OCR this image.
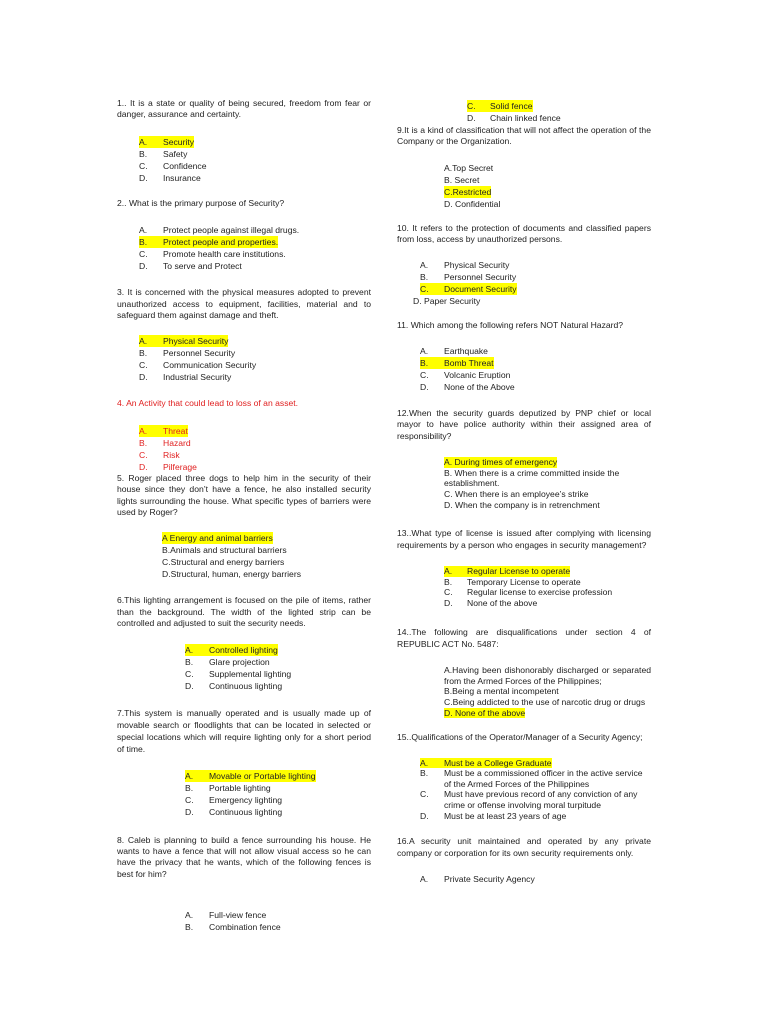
1.. It is a state or quality of being secured, freedom from fear or danger, assurance and certainty.

A.	Security
B.	Safety
C.	Confidence
D.	Insurance

2.. What is the primary purpose of Security?

A.	Protect people against illegal drugs.
B.	Protect people and properties.
C.	Promote health care institutions.
D.	To serve and Protect

3. It is concerned with the physical measures adopted to prevent unauthorized access to equipment, facilities, material and to safeguard them against damage and theft.

A.	Physical Security
B.	Personnel Security
C.	Communication Security
D.	Industrial Security

4. An Activity that could lead to loss of an asset.

A.	Threat
B.	Hazard
C.	Risk
D.	Pilferage

5. Roger placed three dogs to help him in the security of their house since they don’t have a fence, he also installed security lights surrounding the house. What specific types of barriers were used by Roger?

A Energy and animal barriers
B.Animals and structural barriers
C.Structural and energy barriers
D.Structural, human, energy barriers

6.This lighting arrangement is focused on the pile of items, rather than the background. The width of the lighted strip can be controlled and adjusted to suit the security needs.

A.	Controlled lighting
B.	Glare projection
C.	Supplemental lighting
D.	Continuous lighting

7.This system is manually operated and is usually made up of movable search or floodlights that can be located in selected or special locations which will require lighting only for a short period of time.

A.	Movable or Portable lighting
B.	Portable lighting
C.	Emergency lighting
D.	Continuous lighting

8. Caleb is planning to build a fence surrounding his house. He wants to have a fence that will not allow visual access so he can have the privacy that he wants, which of the following fences is best for him?

A.	Full-view fence
B.	Combination fence
C.	Solid fence
D.	Chain linked fence

9.It is a kind of classification that will not affect the operation of the Company or the Organization.

A.Top Secret
B. Secret
C.Restricted
D. Confidential

10. It refers to the protection of documents and classified papers from loss, access by unauthorized persons.

A.	Physical Security
B.	Personnel Security
C.	Document Security
D. Paper Security

11. Which among the following refers NOT Natural Hazard?

A.	Earthquake
B.	Bomb Threat
C.	Volcanic Eruption
D.	None of the Above

12.When the security guards deputized by PNP chief or local mayor to have police authority within their assigned area of responsibility?

A. During times of emergency
B. When there is a crime committed inside the establishment.
C. When there is an employee’s strike
D. When the company is in retrenchment

13..What type of license is issued after complying with licensing requirements by a person who engages in security management?

A.	Regular License to operate
B.	Temporary License to operate
C.	Regular license to exercise profession
D.	None of the above

14..The following are disqualifications under section 4 of REPUBLIC ACT No. 5487:

A.Having been dishonorably discharged or separated from the Armed Forces of the Philippines;
B.Being a mental incompetent
C.Being addicted to the use of narcotic drug or drugs
D. None of the above

15..Qualifications of the Operator/Manager of a Security Agency;

A.	Must be a College Graduate
B.	Must be a commissioned officer in the active service of the Armed Forces of the Philippines
C.	Must have previous record of any conviction of any crime or offense involving moral turpitude
D.	Must be at least 23 years of age

16.A security unit maintained and operated by any private company or corporation for its own security requirements only.

A.	Private Security Agency
